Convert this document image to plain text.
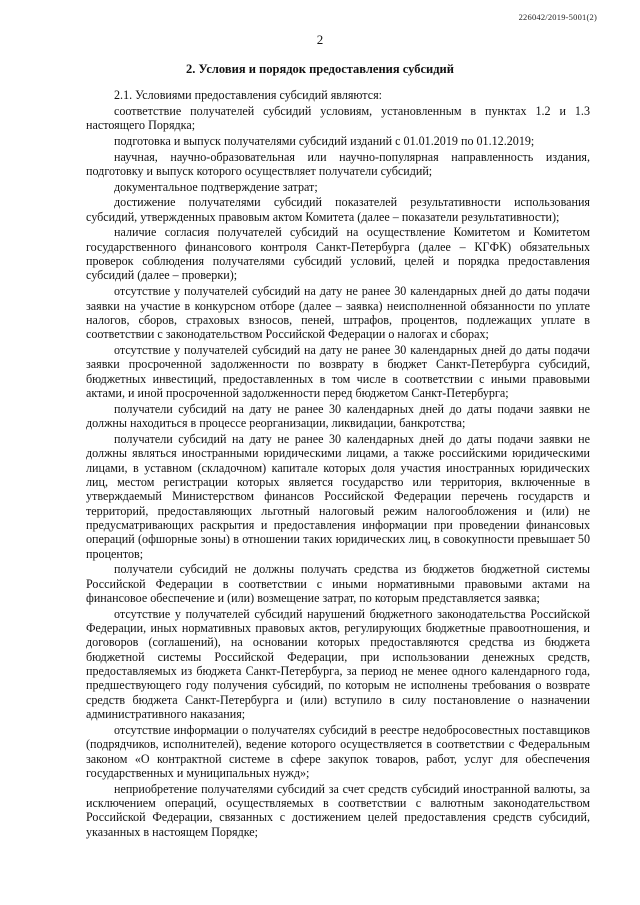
226042/2019-5001(2)
2
2. Условия и порядок предоставления субсидий

2.1. Условиями предоставления субсидий являются:

соответствие получателей субсидий условиям, установленным в пунктах 1.2 и 1.3 настоящего Порядка;

подготовка и выпуск получателями субсидий изданий с 01.01.2019 по 01.12.2019;

научная, научно-образовательная или научно-популярная направленность издания, подготовку и выпуск которого осуществляет получатели субсидий;

документальное подтверждение затрат;

достижение получателями субсидий показателей результативности использования субсидий, утвержденных правовым актом Комитета (далее – показатели результативности);

наличие согласия получателей субсидий на осуществление Комитетом и Комитетом государственного финансового контроля Санкт-Петербурга (далее – КГФК) обязательных проверок соблюдения получателями субсидий условий, целей и порядка предоставления субсидий (далее – проверки);

отсутствие у получателей субсидий на дату не ранее 30 календарных дней до даты подачи заявки на участие в конкурсном отборе (далее – заявка) неисполненной обязанности по уплате налогов, сборов, страховых взносов, пеней, штрафов, процентов, подлежащих уплате в соответствии с законодательством Российской Федерации о налогах и сборах;

отсутствие у получателей субсидий на дату не ранее 30 календарных дней до даты подачи заявки просроченной задолженности по возврату в бюджет Санкт-Петербурга субсидий, бюджетных инвестиций, предоставленных в том числе в соответствии с иными правовыми актами, и иной просроченной задолженности перед бюджетом Санкт-Петербурга;

получатели субсидий на дату не ранее 30 календарных дней до даты подачи заявки не должны находиться в процессе реорганизации, ликвидации, банкротства;

получатели субсидий на дату не ранее 30 календарных дней до даты подачи заявки не должны являться иностранными юридическими лицами, а также российскими юридическими лицами, в уставном (складочном) капитале которых доля участия иностранных юридических лиц, местом регистрации которых является государство или территория, включенные в утверждаемый Министерством финансов Российской Федерации перечень государств и территорий, предоставляющих льготный налоговый режим налогообложения и (или) не предусматривающих раскрытия и предоставления информации при проведении финансовых операций (офшорные зоны) в отношении таких юридических лиц, в совокупности превышает 50 процентов;

получатели субсидий не должны получать средства из бюджетов бюджетной системы Российской Федерации в соответствии с иными нормативными правовыми актами на финансовое обеспечение и (или) возмещение затрат, по которым представляется заявка;

отсутствие у получателей субсидий нарушений бюджетного законодательства Российской Федерации, иных нормативных правовых актов, регулирующих бюджетные правоотношения, и договоров (соглашений), на основании которых предоставляются средства из бюджета бюджетной системы Российской Федерации, при использовании денежных средств, предоставляемых из бюджета Санкт-Петербурга, за период не менее одного календарного года, предшествующего году получения субсидий, по которым не исполнены требования о возврате средств бюджета Санкт-Петербурга и (или) вступило в силу постановление о назначении административного наказания;

отсутствие информации о получателях субсидий в реестре недобросовестных поставщиков (подрядчиков, исполнителей), ведение которого осуществляется в соответствии с Федеральным законом «О контрактной системе в сфере закупок товаров, работ, услуг для обеспечения государственных и муниципальных нужд»;

неприобретение получателями субсидий за счет средств субсидий иностранной валюты, за исключением операций, осуществляемых в соответствии с валютным законодательством Российской Федерации, связанных с достижением целей предоставления средств субсидий, указанных в настоящем Порядке;
